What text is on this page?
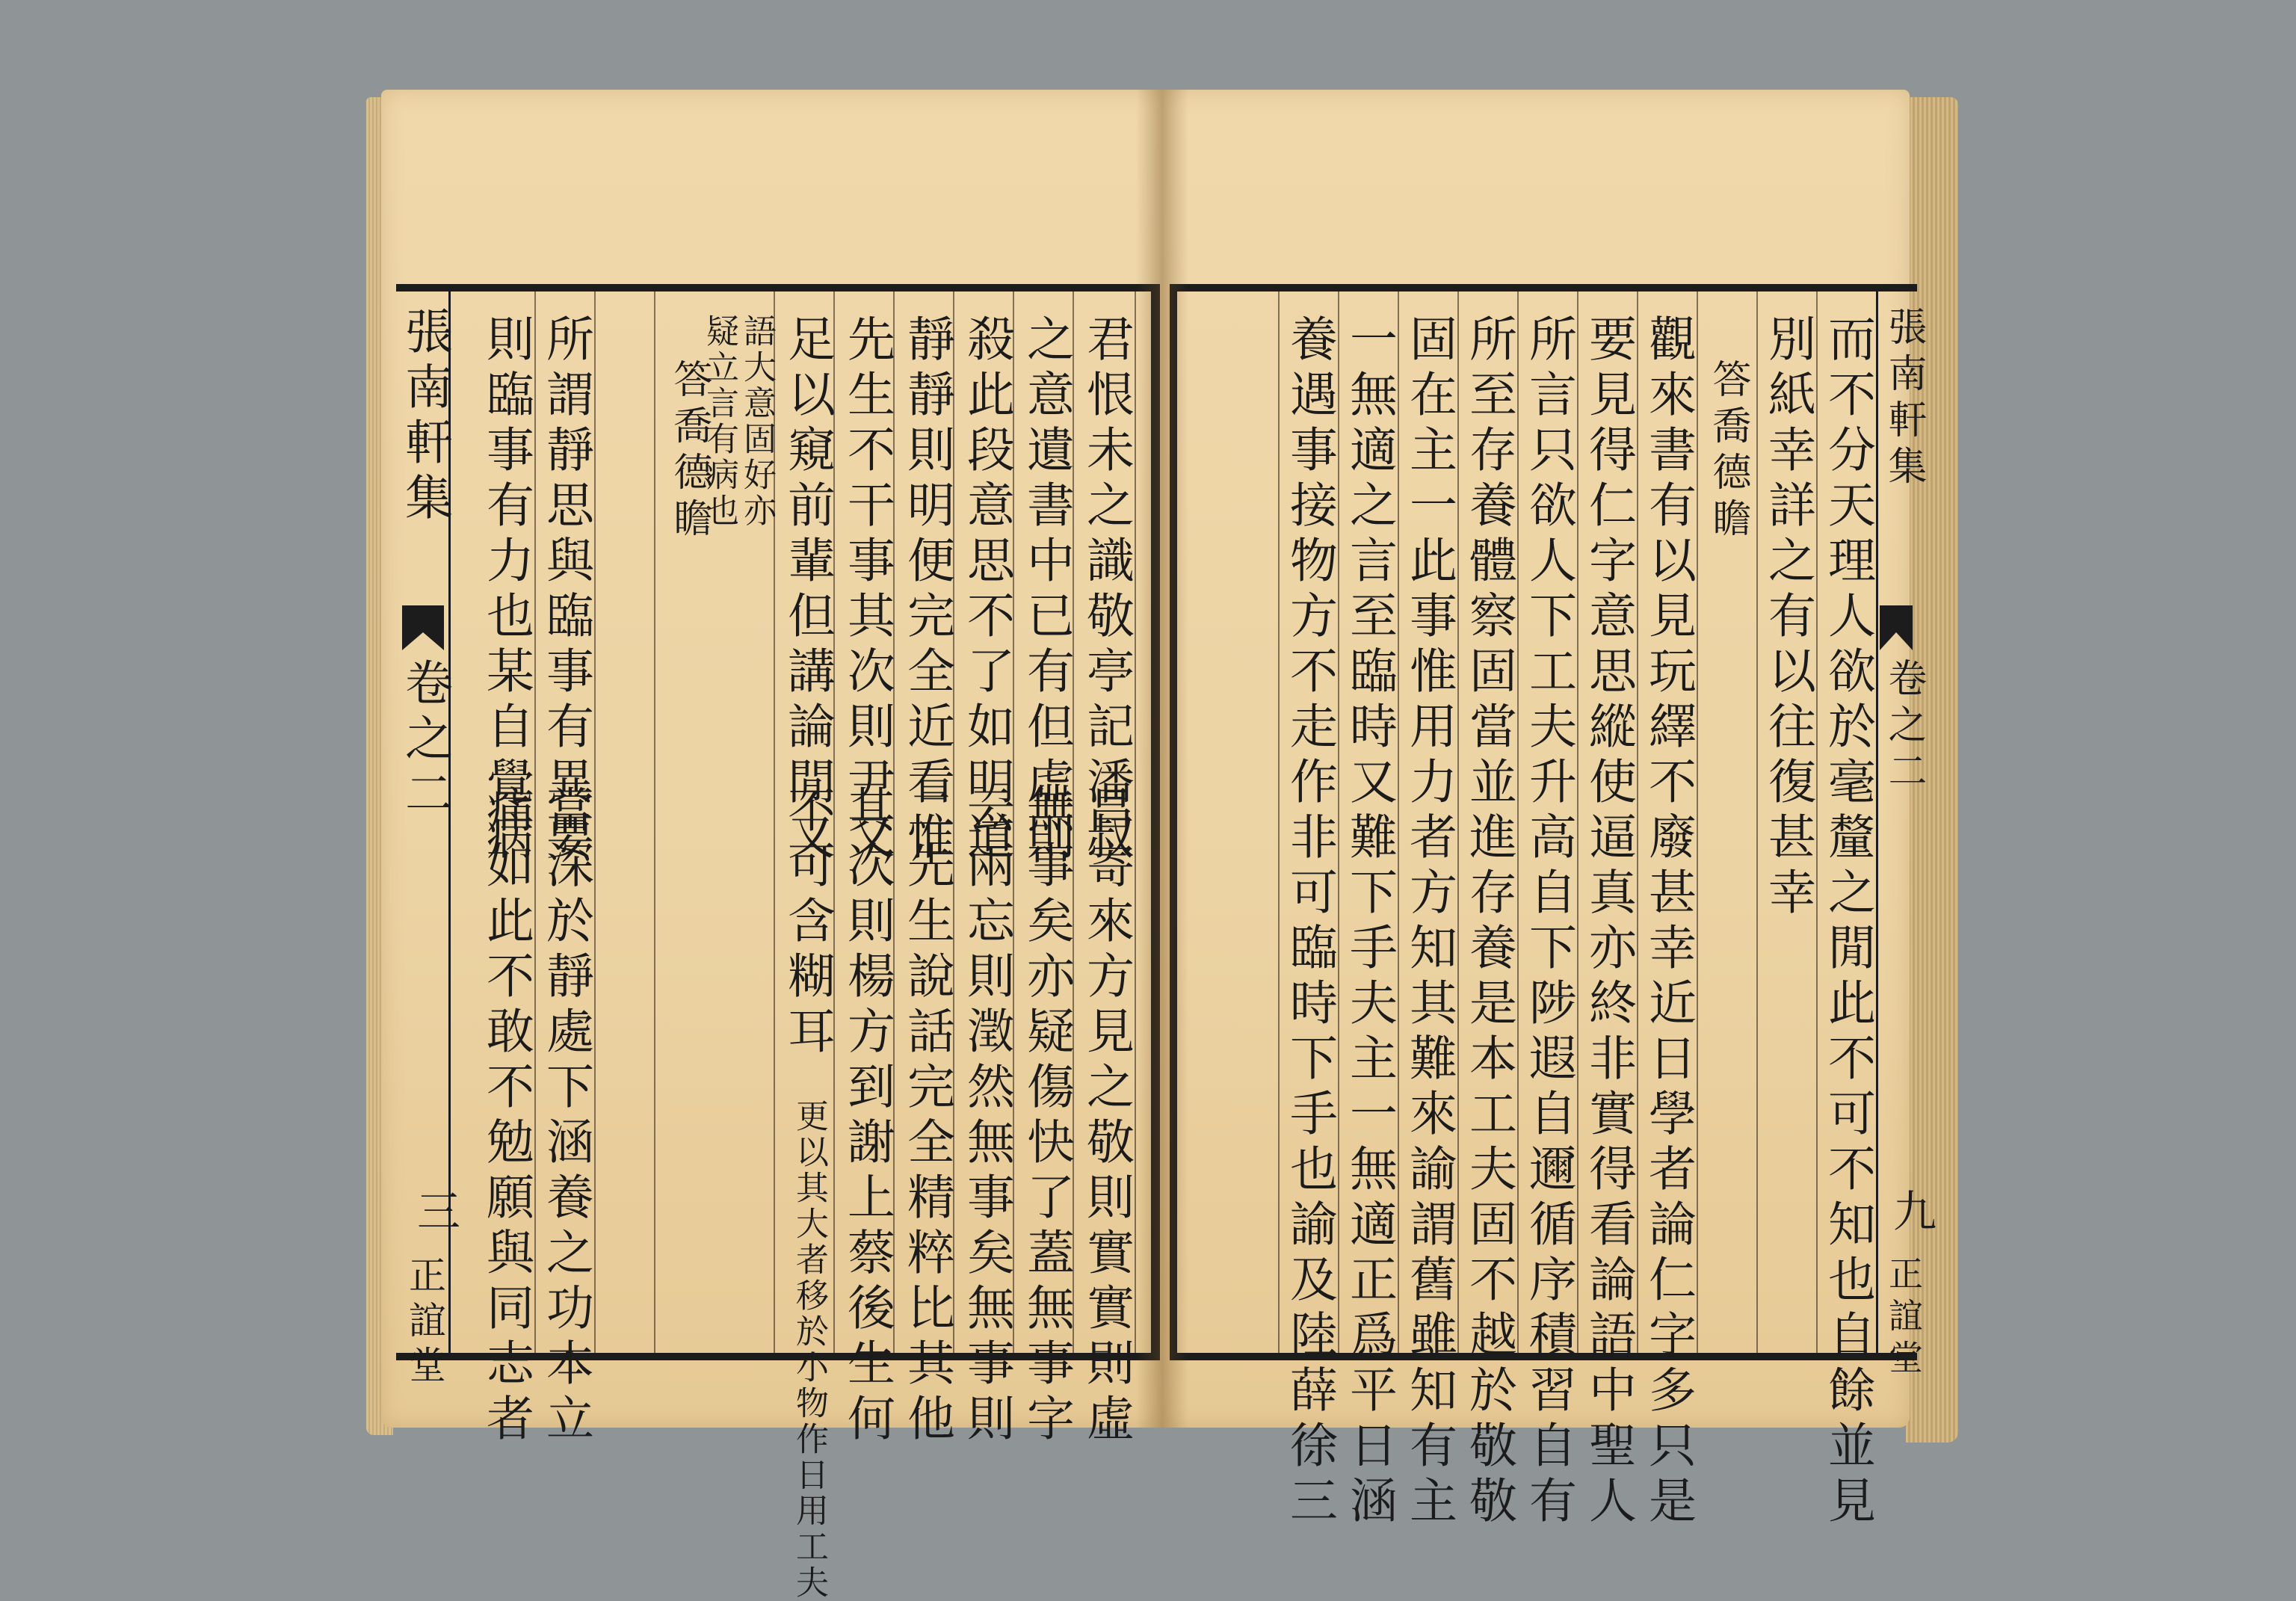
張南軒集
卷之二
三
正誼堂
君恨未之識敬亭記潘叔
昌寄來方見之敬則實實則虛
之意遺書中已有但虛則
無事矣亦疑傷快了蓋無事字
殺此段意思不了如明道
云兩忘則澂然無事矣無事則
靜靜則明便完全近看惟
二先生說話完全精粹比其他
先生不干事其次則尹又
其次則楊方到謝上蔡後生何
足以窺前輩但講論閒又
不可含糊耳
更以其大者移於小物作日用工夫
語大意固好亦
疑立言有病也
答喬德瞻
所謂靜思與臨事有異要
當深於靜處下涵養之功本立
則臨事有力也某自覺病
痛如此不敢不勉願與同志者	而不分天理人欲於毫釐之閒此不可不知也自餘並見
別紙幸詳之有以往復甚幸
答喬德瞻
觀來書有以見玩繹不廢甚幸近日學者論仁字多只是
要見得仁字意思縱使逼真亦終非實得看論語中聖人
所言只欲人下工夫升高自下陟遐自邇循序積習自有
所至存養體察固當並進存養是本工夫固不越於敬敬
固在主一此事惟用力者方知其難來諭謂舊雖知有主
一無適之言至臨時又難下手夫主一無適正爲平日涵
養遇事接物方不走作非可臨時下手也諭及陸薛徐三	張南軒集
卷之二
九
正誼堂
